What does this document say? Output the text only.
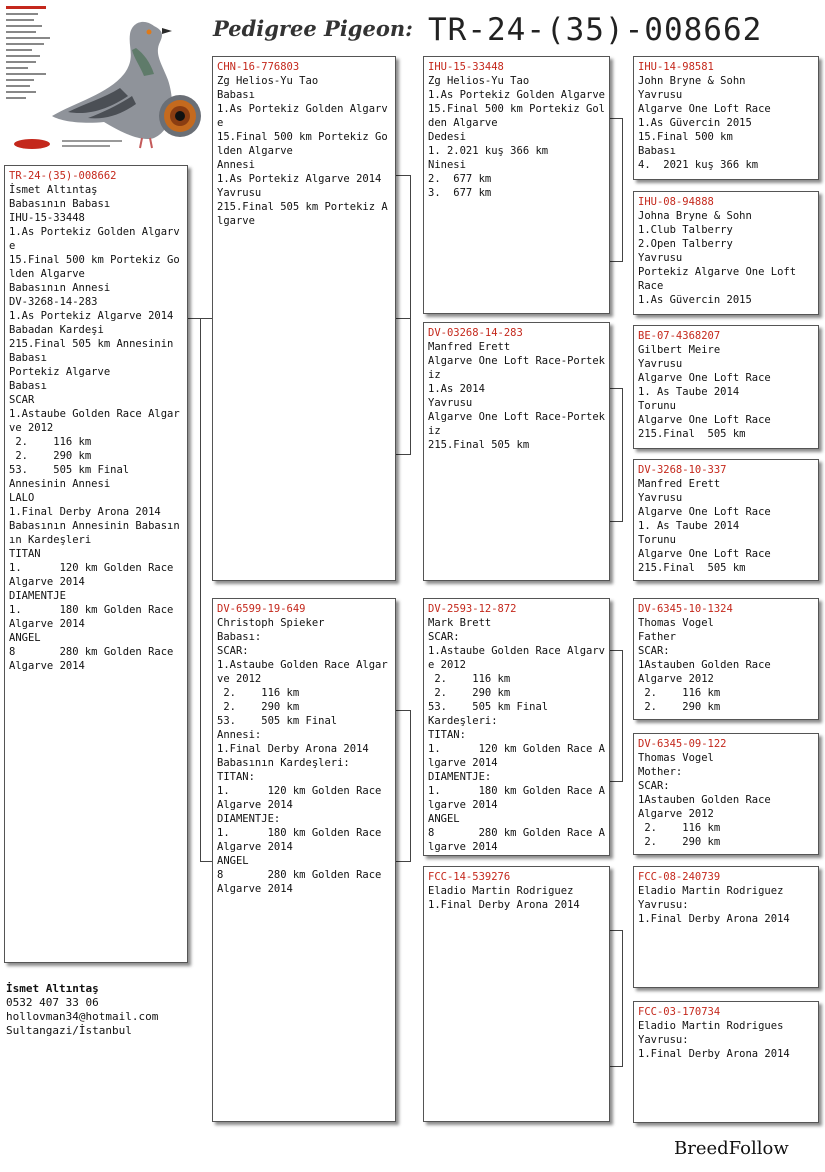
Pedigree Pigeon: TR-24-(35)-008662
TR-24-(35)-008662
İsmet Altıntaş
Babasının Babası
IHU-15-33448
1.As Portekiz Golden Algarve
15.Final 500 km Portekiz Golden Algarve
Babasının Annesi
DV-3268-14-283
1.As Portekiz Algarve 2014
Babadan Kardeşi
215.Final 505 km Annesinin Babası
Portekiz Algarve
Babası
SCAR
1.Astaube Golden Race Algarve 2012
2.    116 km
2.    290 km
53.    505 km Final
Annesinin Annesi
LALO
1.Final Derby Arona 2014
Babasının Annesinin Babasının Kardeşleri
TITAN
1.      120 km Golden Race Algarve 2014
DIAMENTJE
1.      180 km Golden Race Algarve 2014
ANGEL
8       280 km Golden Race Algarve 2014
CHN-16-776803
Zg Helios-Yu Tao
Babası
1.As Portekiz Golden Algarve
15.Final 500 km Portekiz Golden Algarve
Annesi
1.As Portekiz Algarve 2014
Yavrusu
215.Final 505 km Portekiz Algarve
DV-6599-19-649
Christoph Spieker
Babası:
SCAR:
1.Astaube Golden Race Algarve 2012
2.    116 km
2.    290 km
53.    505 km Final
Annesi:
1.Final Derby Arona 2014
Babasının Kardeşleri:
TITAN:
1.      120 km Golden Race Algarve 2014
DIAMENTJE:
1.      180 km Golden Race Algarve 2014
ANGEL
8       280 km Golden Race Algarve 2014
IHU-15-33448
Zg Helios-Yu Tao
1.As Portekiz Golden Algarve
15.Final 500 km Portekiz Golden Algarve
Dedesi
1. 2.021 kuş 366 km
Ninesi
2.  677 km
3.  677 km
DV-03268-14-283
Manfred Erett
Algarve One Loft Race-Portekiz
1.As 2014
Yavrusu
Algarve One Loft Race-Portekiz
215.Final 505 km
DV-2593-12-872
Mark Brett
SCAR:
1.Astaube Golden Race Algarve 2012
2.    116 km
2.    290 km
53.    505 km Final
Kardeşleri:
TITAN:
1.      120 km Golden Race Algarve 2014
DIAMENTJE:
1.      180 km Golden Race Algarve 2014
ANGEL
8       280 km Golden Race Algarve 2014
FCC-14-539276
Eladio Martin Rodriguez
1.Final Derby Arona 2014
IHU-14-98581
John Bryne & Sohn
Yavrusu
Algarve One Loft Race
1.As Güvercin 2015
15.Final 500 km
Babası
4.  2021 kuş 366 km
IHU-08-94888
Johna Bryne & Sohn
1.Club Talberry
2.Open Talberry
Yavrusu
Portekiz Algarve One Loft
Race
1.As Güvercin 2015
BE-07-4368207
Gilbert Meire
Yavrusu
Algarve One Loft Race
1. As Taube 2014
Torunu
Algarve One Loft Race
215.Final  505 km
DV-3268-10-337
Manfred Erett
Yavrusu
Algarve One Loft Race
1. As Taube 2014
Torunu
Algarve One Loft Race
215.Final  505 km
DV-6345-10-1324
Thomas Vogel
Father
SCAR:
1Astauben Golden Race
Algarve 2012
2.    116 km
2.    290 km
DV-6345-09-122
Thomas Vogel
Mother:
SCAR:
1Astauben Golden Race
Algarve 2012
2.    116 km
2.    290 km
FCC-08-240739
Eladio Martin Rodriguez
Yavrusu:
1.Final Derby Arona 2014
FCC-03-170734
Eladio Martin Rodrigues
Yavrusu:
1.Final Derby Arona 2014
İsmet Altıntaş
0532 407 33 06
hollovman34@hotmail.com
Sultangazi/İstanbul
BreedFollow
